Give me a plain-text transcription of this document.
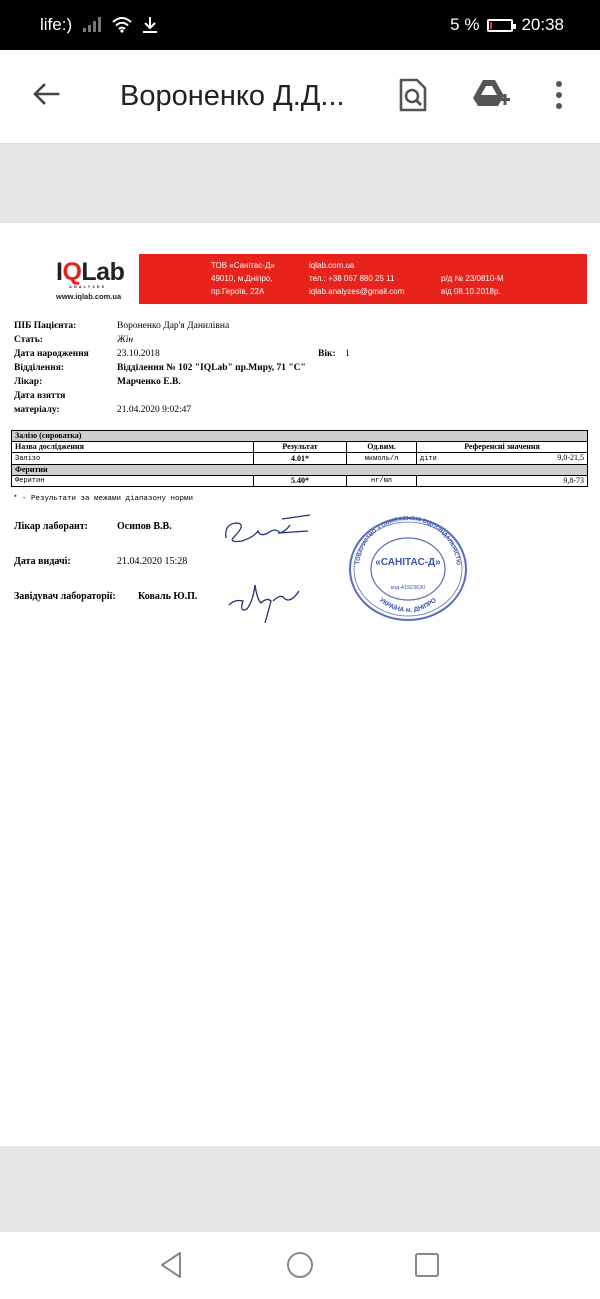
life:)	5 % 20:38
Вороненко Д.Д...
IQLab
ANALYZES
www.iqlab.com.ua
ТОВ «Санітас-Д»
49010, м.Дніпро,
пр.Героїв, 22А
iqlab.com.ua
тел.: +38 067 880 25 11
iqlab.analyzes@gmail.com
р/д № 23/0810-М
від 08.10.2018р.
ПІБ Пацієнта:	Вороненко Дар'я Данилівна
Стать:	Жін
Дата народження	23.10.2018	Вік: 1
Відділення:	Відділення № 102 "IQLab" пр.Миру, 71 "С"
Лікар:	Марченко Е.В.
Дата взяття
матеріалу:	21.04.2020 9:02:47
Залізо (сироватка)			
Назва дослідження	Результат	Од.вим.	Референсні значення
Залізо	4.01*	мкмоль/л	діти 9,0-21,5

Феритин			
Феритин	5.40*	нг/мл	9,8-73
* - Результати за межами діапазону норми
Лікар лаборант:	Осипов В.В.
Дата видачі:	21.04.2020 15:28
Завідувач лабораторії: Коваль Ю.П.
ТОВАРИСТВО З ОБМЕЖЕНОЮ ВІДПОВІДАЛЬНІСТЮ
УКРАЇНА м. ДНІПРО
«САНІТАС-Д»
код 41923630
